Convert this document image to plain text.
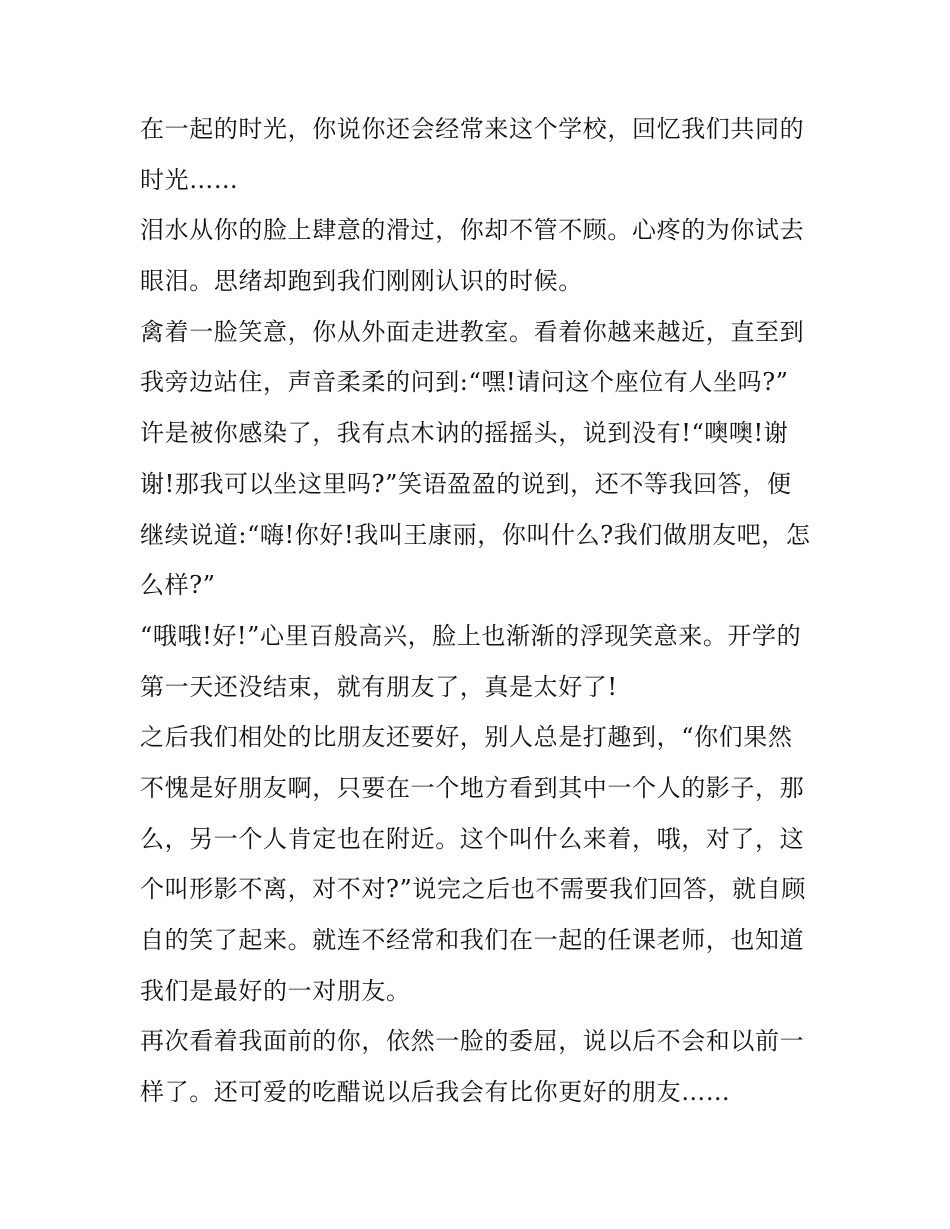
在一起的时光，你说你还会经常来这个学校，回忆我们共同的
时光……
泪水从你的脸上肆意的滑过，你却不管不顾。心疼的为你试去
眼泪。思绪却跑到我们刚刚认识的时候。
禽着一脸笑意，你从外面走进教室。看着你越来越近，直至到
我旁边站住，声音柔柔的问到:“嘿!请问这个座位有人坐吗?”
许是被你感染了，我有点木讷的摇摇头，说到没有!“噢噢!谢
谢!那我可以坐这里吗?”笑语盈盈的说到，还不等我回答，便
继续说道:“嗨!你好!我叫王康丽，你叫什么?我们做朋友吧，怎
么样?”
“哦哦!好!”心里百般高兴，脸上也渐渐的浮现笑意来。开学的
第一天还没结束，就有朋友了，真是太好了!
之后我们相处的比朋友还要好，别人总是打趣到，“你们果然
不愧是好朋友啊，只要在一个地方看到其中一个人的影子，那
么，另一个人肯定也在附近。这个叫什么来着，哦，对了，这
个叫形影不离，对不对?”说完之后也不需要我们回答，就自顾
自的笑了起来。就连不经常和我们在一起的任课老师，也知道
我们是最好的一对朋友。
再次看着我面前的你，依然一脸的委屈，说以后不会和以前一
样了。还可爱的吃醋说以后我会有比你更好的朋友……
